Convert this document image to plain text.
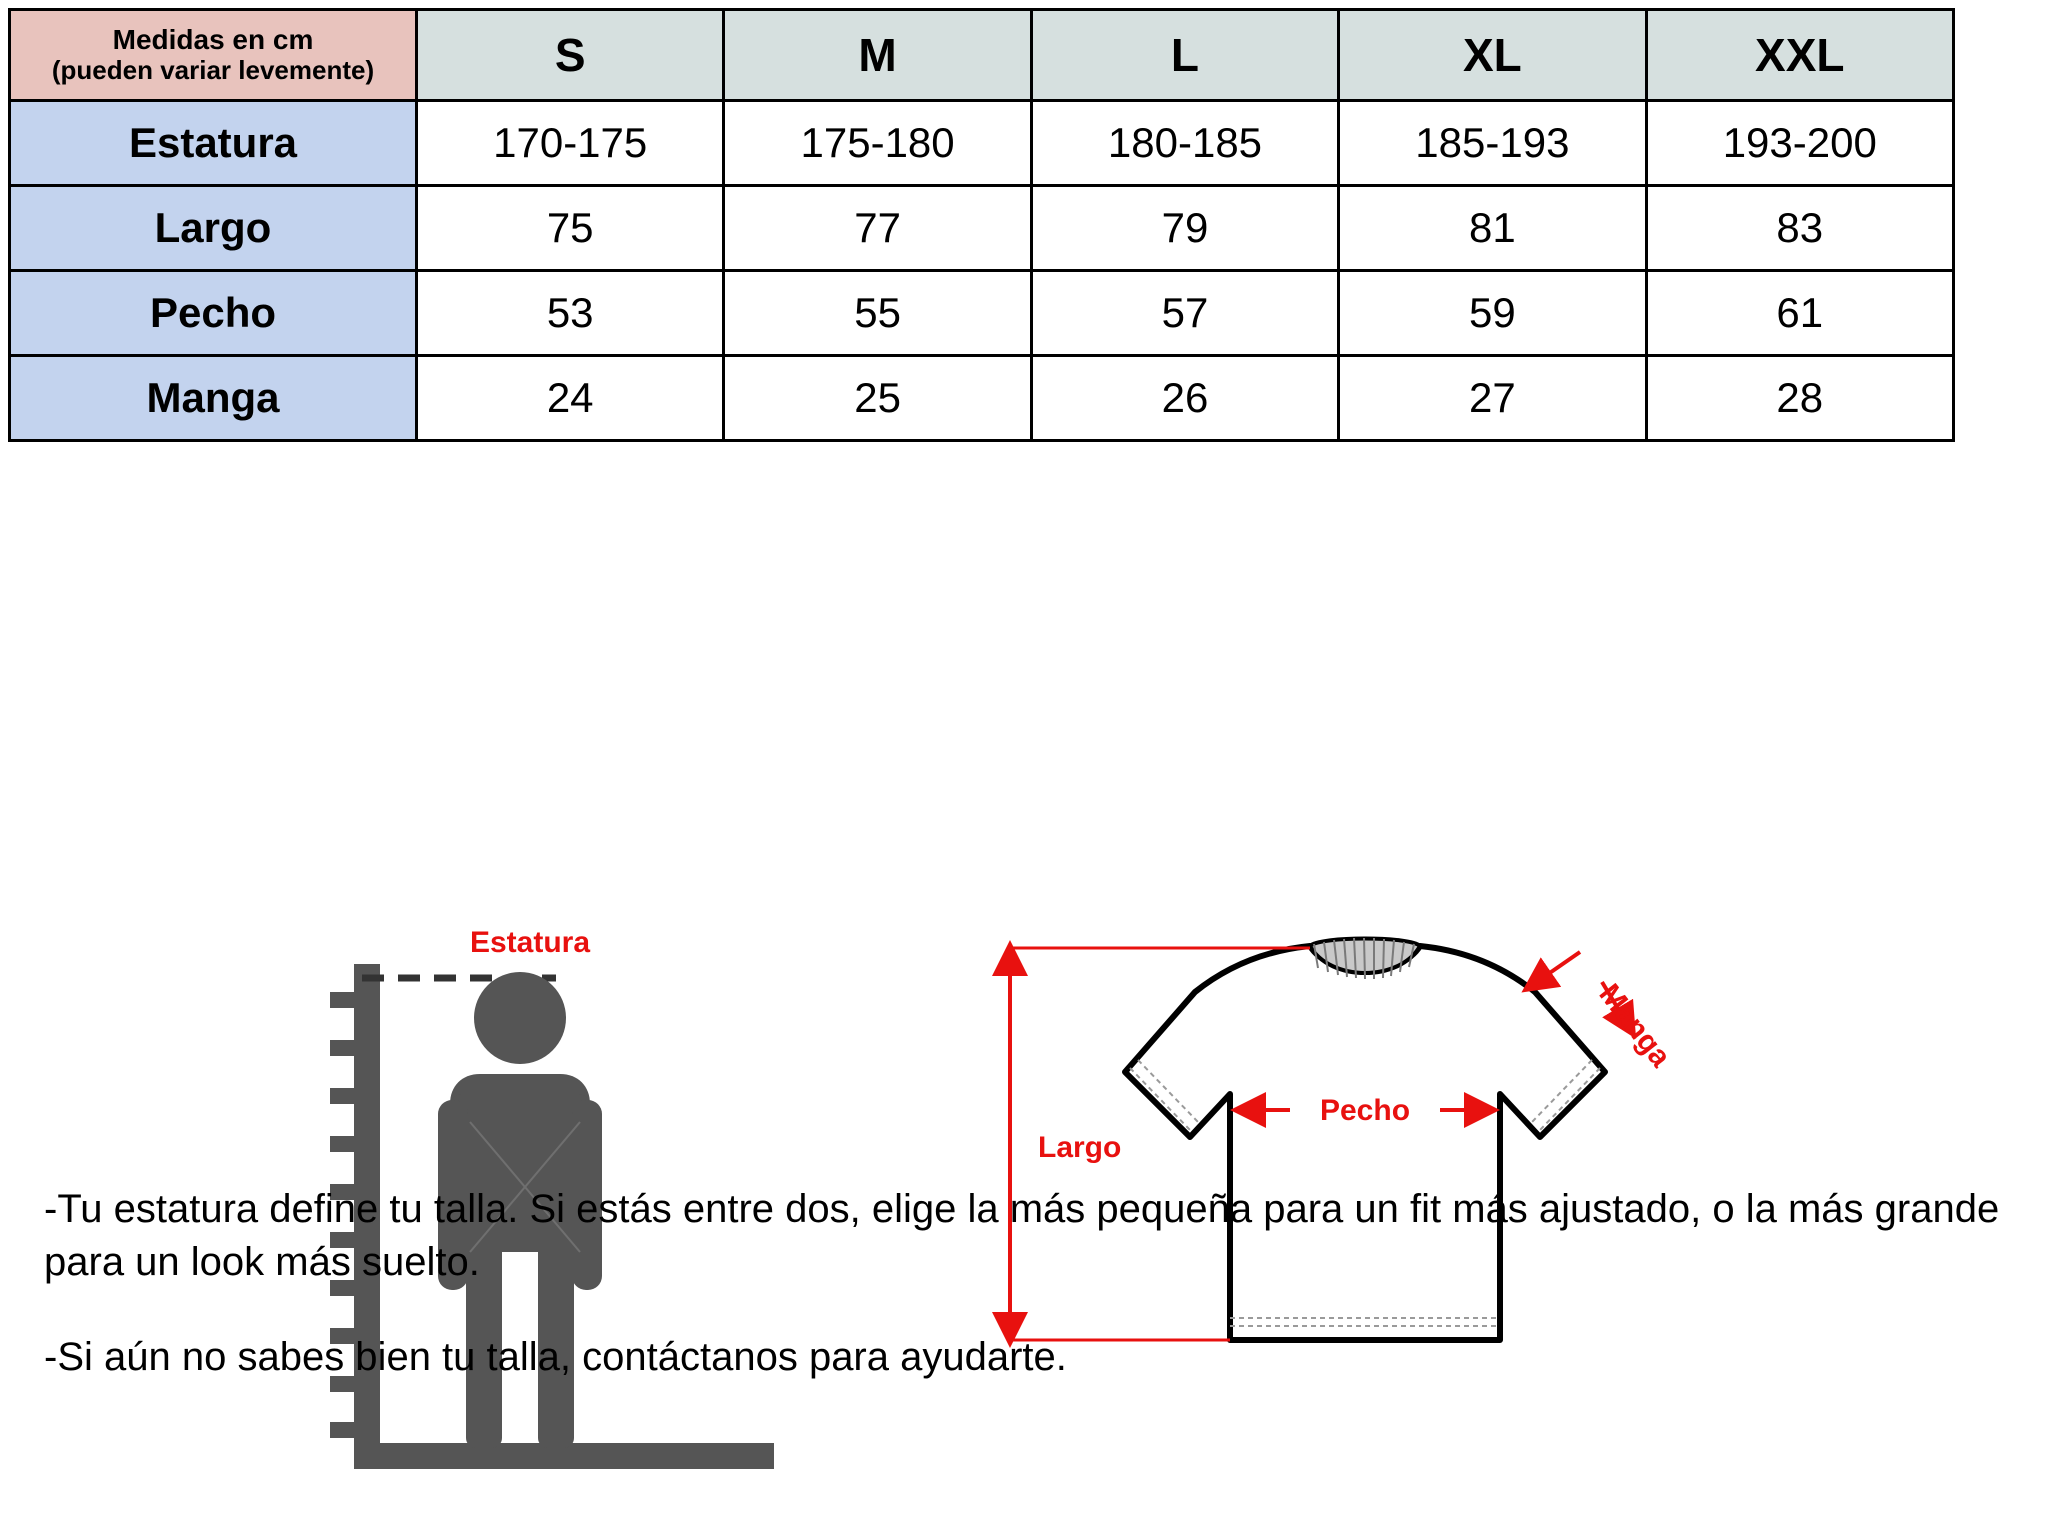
Medidas en cm
(pueden variar levemente)	S	M	L	XL	XXL
Estatura	170-175	175-180	180-185	185-193	193-200
Largo	75	77	79	81	83
Pecho	53	55	57	59	61
Manga	24	25	26	27	28
Estatura
Largo
Pecho
Manga

-Tu estatura define tu talla. Si estás entre dos, elige la más pequeña para un fit más ajustado, o la más grande para un look más suelto.

-Si aún no sabes bien tu talla, contáctanos para ayudarte.
